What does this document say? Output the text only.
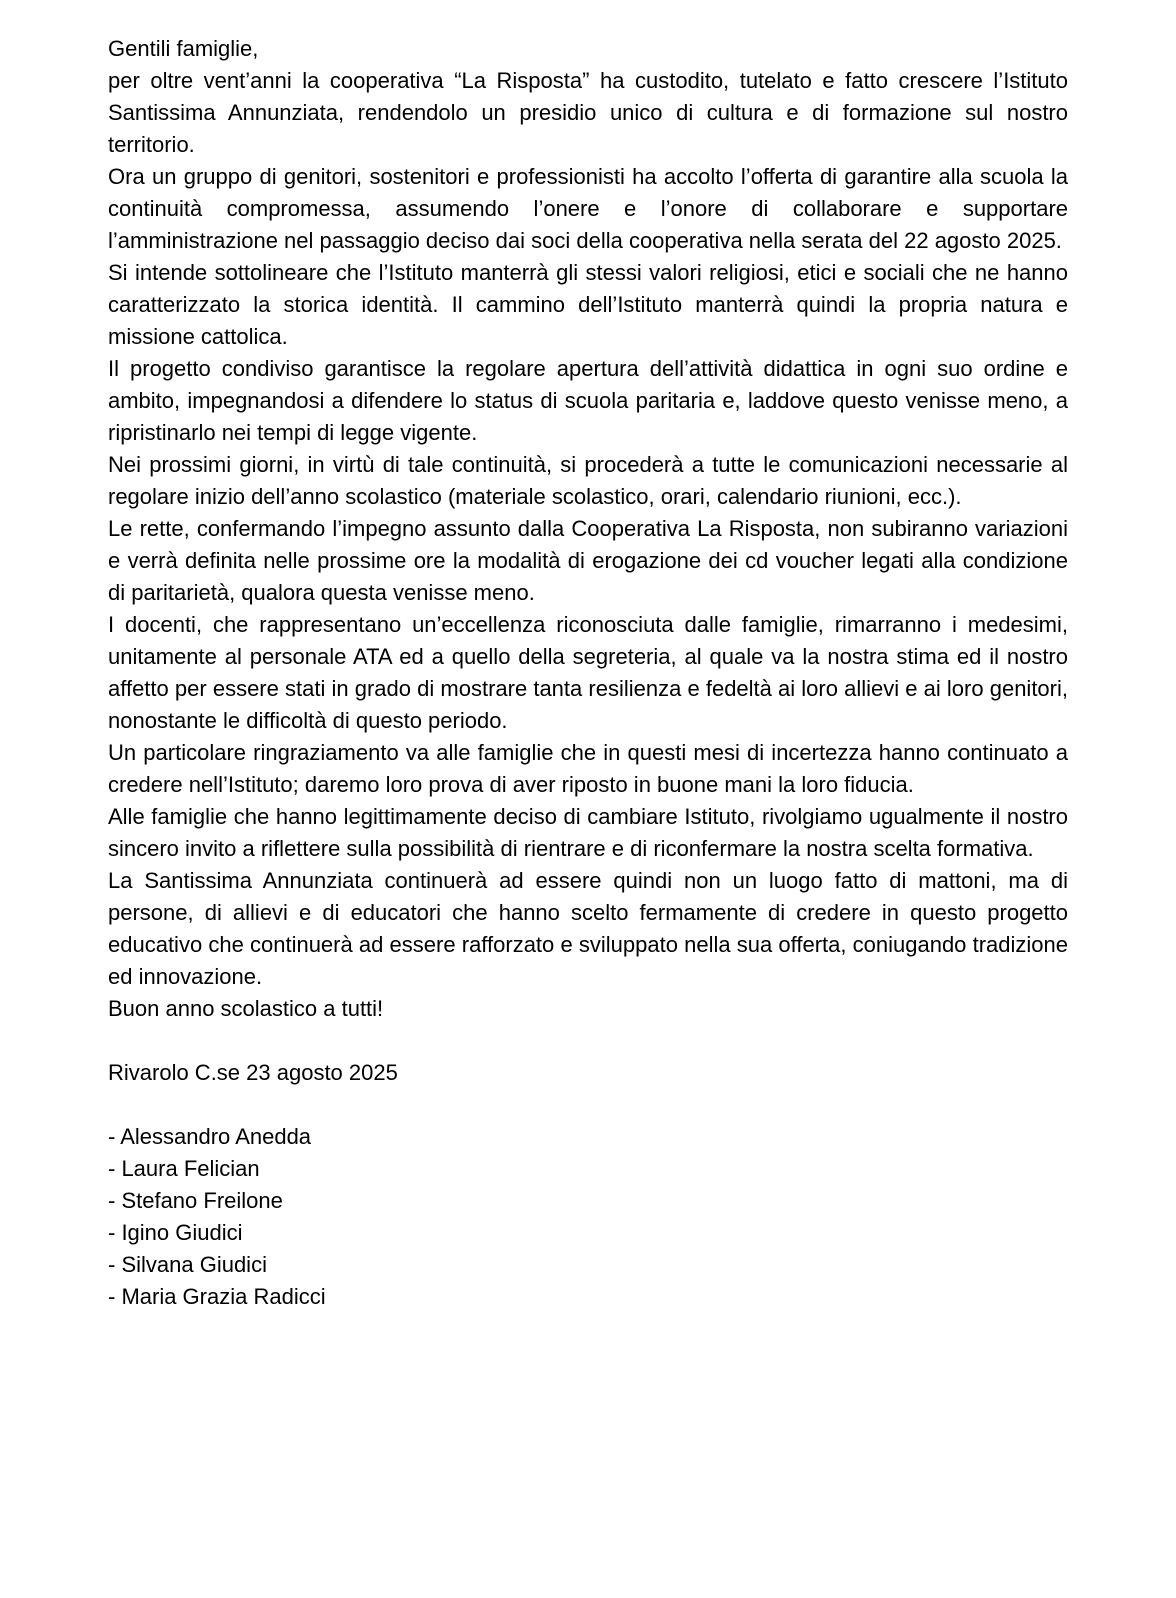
Gentili famiglie,

per oltre vent’anni la cooperativa “La Risposta” ha custodito, tutelato e fatto crescere l’Istituto Santissima Annunziata, rendendolo un presidio unico di cultura e di formazione sul nostro territorio.

Ora un gruppo di genitori, sostenitori e professionisti ha accolto l’offerta di garantire alla scuola la continuità compromessa, assumendo l’onere e l’onore di collaborare e supportare l’amministrazione nel passaggio deciso dai soci della cooperativa nella serata del 22 agosto 2025.

Si intende sottolineare che l’Istituto manterrà gli stessi valori religiosi, etici e sociali che ne hanno caratterizzato la storica identità. Il cammino dell’Istituto manterrà quindi la propria natura e missione cattolica.

Il progetto condiviso garantisce la regolare apertura dell’attività didattica in ogni suo ordine e ambito, impegnandosi a difendere lo status di scuola paritaria e, laddove questo venisse meno, a ripristinarlo nei tempi di legge vigente.

Nei prossimi giorni, in virtù di tale continuità, si procederà a tutte le comunicazioni necessarie al regolare inizio dell’anno scolastico (materiale scolastico, orari, calendario riunioni, ecc.).

Le rette, confermando l’impegno assunto dalla Cooperativa La Risposta, non subiranno variazioni e verrà definita nelle prossime ore la modalità di erogazione dei cd voucher legati alla condizione di paritarietà, qualora questa venisse meno.

I docenti, che rappresentano un’eccellenza riconosciuta dalle famiglie, rimarranno i medesimi, unitamente al personale ATA ed a quello della segreteria, al quale va la nostra stima ed il nostro affetto per essere stati in grado di mostrare tanta resilienza e fedeltà ai loro allievi e ai loro genitori, nonostante le difficoltà di questo periodo.

Un particolare ringraziamento va alle famiglie che in questi mesi di incertezza hanno continuato a credere nell’Istituto; daremo loro prova di aver riposto in buone mani la loro fiducia.

Alle famiglie che hanno legittimamente deciso di cambiare Istituto, rivolgiamo ugualmente il nostro sincero invito a riflettere sulla possibilità di rientrare e di riconfermare la nostra scelta formativa.

La Santissima Annunziata continuerà ad essere quindi non un luogo fatto di mattoni, ma di persone, di allievi e di educatori che hanno scelto fermamente di credere in questo progetto educativo che continuerà ad essere rafforzato e sviluppato nella sua offerta, coniugando tradizione ed innovazione.

Buon anno scolastico a tutti!

Rivarolo C.se 23 agosto 2025

- Alessandro Anedda

- Laura Felician

- Stefano Freilone

- Igino Giudici

- Silvana Giudici

- Maria Grazia Radicci
